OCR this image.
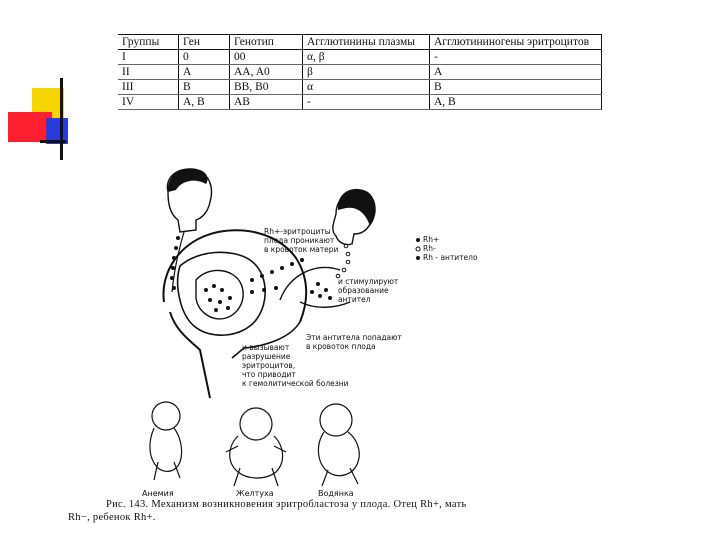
Группы	Ген	Генотип	Агглютинины плазмы	Агглютининогены эритроцитов
I	0	00	α, β	-
II	A	AA, A0	β	A
III	B	BB, B0	α	B
IV	A, B	AB	-	A, B
Rh+-эритроциты плода проникают в кровоток матери
и стимулируют образование антител
Эти антитела попадают в кровоток плода
и вызывают разрушение эритроцитов, что приводит к гемолитической болезни
Rh+
Rh-
Rh - антитело
Анемия	Желтуха	Водянка
Рис. 143. Механизм возникновения эритробластоза у плода. Отец Rh+, мать
Rh−, ребенок Rh+.
